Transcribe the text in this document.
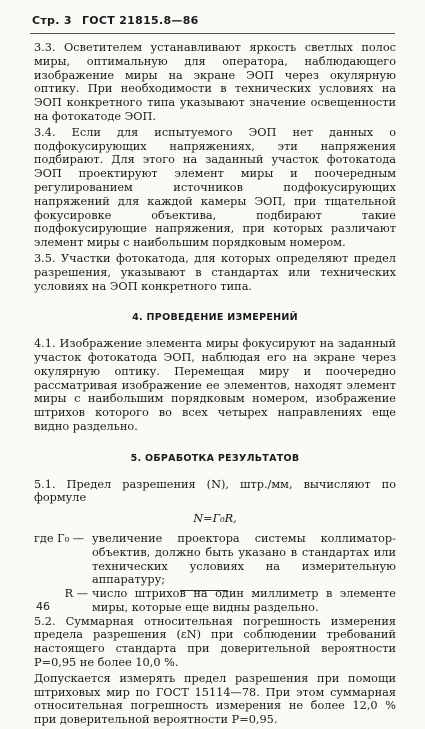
Стр. 3 ГОСТ 21815.8—86

3.3. Осветителем устанавливают яркость светлых полос миры, оптимальную для оператора, наблюдающего изображение миры на экране ЭОП через окулярную оптику. При необходимости в технических условиях на ЭОП конкретного типа указывают значение освещенности на фотокатоде ЭОП.

3.4. Если для испытуемого ЭОП нет данных о подфокусирующих напряжениях, эти напряжения подбирают. Для этого на заданный участок фотокатода ЭОП проектируют элемент миры и поочередным регулированием источников подфокусирующих напряжений для каждой камеры ЭОП, при тщательной фокусировке объектива, подбирают такие подфокусирующие напряжения, при которых различают элемент миры с наибольшим порядковым номером.

3.5. Участки фотокатода, для которых определяют предел разрешения, указывают в стандартах или технических условиях на ЭОП конкретного типа.

4. ПРОВЕДЕНИЕ ИЗМЕРЕНИЙ

4.1. Изображение элемента миры фокусируют на заданный участок фотокатода ЭОП, наблюдая его на экране через окулярную оптику. Перемещая миру и поочередно рассматривая изображение ее элементов, находят элемент миры с наибольшим порядковым номером, изображение штрихов которого во всех четырех направлениях еще видно раздельно.

5. ОБРАБОТКА РЕЗУЛЬТАТОВ

5.1. Предел разрешения (N), штр./мм, вычисляют по формуле

N=Г₀R,
где Г₀ — увеличение проектора системы коллиматор-объектив, должно быть указано в стандартах или технических условиях на измерительную аппаратуру;
R — число штрихов на один миллиметр в элементе миры, которые еще видны раздельно.

5.2. Суммарная относительная погрешность измерения предела разрешения (εN) при соблюдении требований настоящего стандарта при доверительной вероятности P=0,95 не более 10,0 %.

Допускается измерять предел разрешения при помощи штриховых мир по ГОСТ 15114—78. При этом суммарная относительная погрешность измерения не более 12,0 % при доверительной вероятности P=0,95.

46
